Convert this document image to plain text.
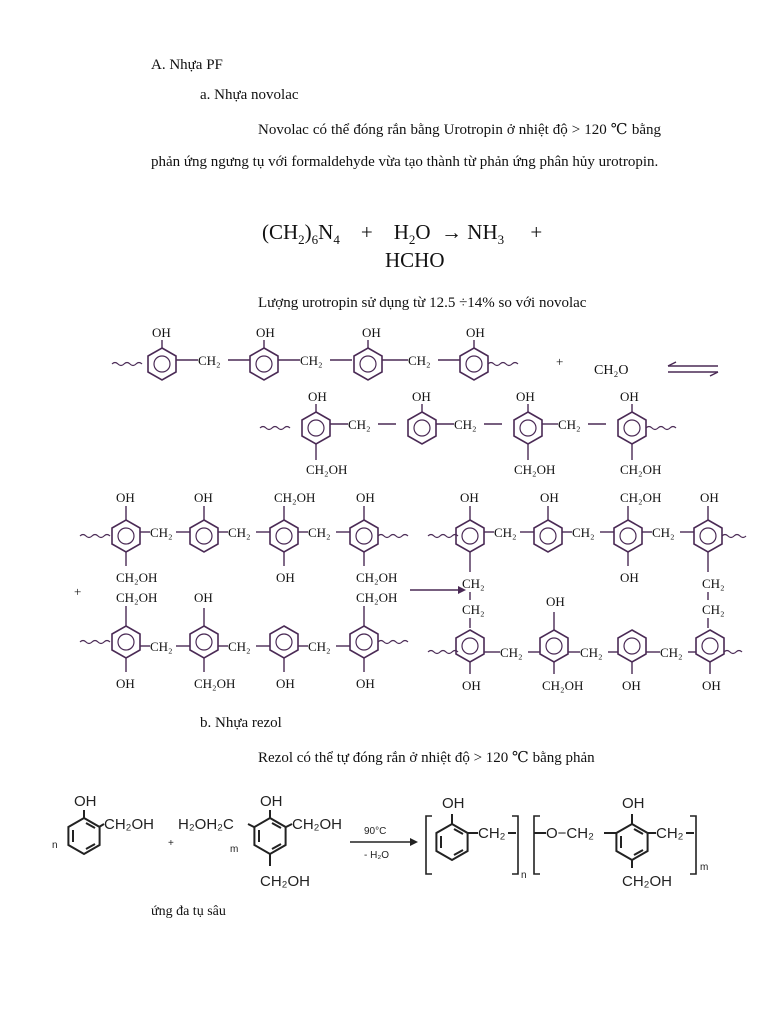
A. Nhựa PF
a. Nhựa novolac
Novolac có thể đóng rắn bằng Urotropin ở nhiệt độ > 120 ℃ bằng phản ứng ngưng tụ với formaldehyde vừa tạo thành từ phản ứng phân hủy urotropin.
$(CH_2)_6N_4 + H_2O \to NH_3$ +
HCHO
Lượng urotropin sử dụng từ 12.5 ÷14% so với novolac
OH
CH₂
OH
CH₂
OH
CH₂
OH
+
CH₂O
OH
CH₂OH
CH₂
OH
CH₂
OH
CH₂OH
CH₂
OH
CH₂OH
OH
CH₂OH
CH₂
OH
CH₂
CH₂OH
OH
CH₂
OH
CH₂OH
+	CH₂OH
OH
CH₂
OH
CH₂OH
CH₂
OH
CH₂
CH₂OH
OH
OH
CH₂
CH₂
OH
CH₂
CH₂OH
OH
CH₂
OH
CH₂
CH₂	CH₂
OH
CH₂
OH
CH₂OH
CH₂
OH
CH₂
OH
b. Nhựa rezol
Rezol có thể tự đóng rắn ở nhiệt độ > 120 ℃ bằng phản
n
OH
CH₂OH
+
H₂OH₂C
m
OH
CH₂OH
CH₂OH
90°C
- H₂O
OH
CH₂
n
O−CH₂
OH
CH₂
CH₂OH
m
ứng đa tụ sâu
